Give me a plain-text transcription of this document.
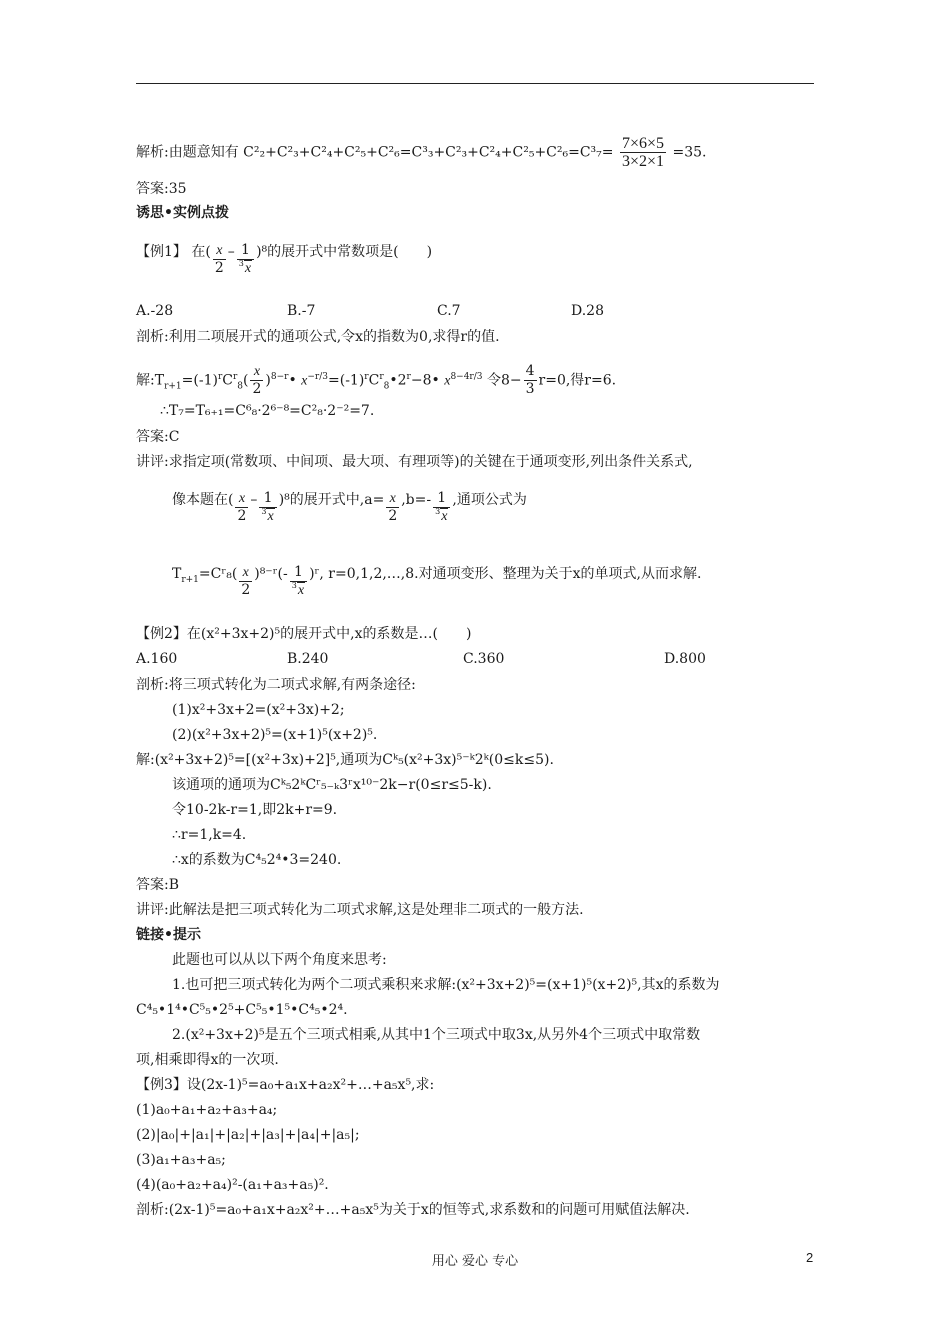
解析:由题意知有 $C^2_2+C^2_3+C^2_4+C^2_5+C^2_6=C^3_3+C^2_3+C^2_4+C^2_5+C^2_6=C^3_7= \frac{7\times 6\times 5}{3\times 2\times 1} =35$.
答案:35
诱思•实例点拨
【例1】 在( $\frac{x}{2} - \frac{1}{^3x} )^8$的展开式中常数项是(　　)
A.-28	B.-7	C.7	D.28
剖析:利用二项展开式的通项公式,令x的指数为0,求得r的值.
解$:T_{r+1}=(-1)^rC^r_8( \frac{x}{2}$ )$^{8-r}$• $x^{-r/3}=(-1)^rC^r_8•2^r-8•$ $x^{8-4r/3}$ 令$8- \frac{4}{3} r=0$,得r=6.
∴T₇=T₆₊₁=C⁶₈·2⁶⁻⁸=C²₈·2⁻²=7.
答案:C
讲评:求指定项(常数项、中间项、最大项、有理项等)的关键在于通项变形,列出条件关系式,
像本题在( $\frac{x}{2} - \frac{1}{^3x} )^8$的展开式中$,a= \frac{x}{2} ,b=- \frac{1}{^3x}$ ,通项公式为
$T_{r+1}=Cʳ_8( \frac{x}{2}$ )⁸⁻ʳ(- $\frac{1}{^3x}$ )ʳ, r=0,1,2,…,8.对通项变形、整理为关于x的单项式,从而求解.
【例2】在(x²+3x+2)⁵的展开式中,x的系数是…(　　)
A.160	B.240	C.360	D.800
剖析:将三项式转化为二项式求解,有两条途径:
(1)x²+3x+2=(x²+3x)+2;
(2)(x²+3x+2)⁵=(x+1)⁵(x+2)⁵.
解:(x²+3x+2)⁵=[(x²+3x)+2]⁵,通项为Cᵏ₅(x²+3x)⁵⁻ᵏ2ᵏ(0≤k≤5).
该通项的通项为Cᵏ₅2ᵏCʳ₅₋ₖ3ʳx¹⁰⁻2k−r(0≤r≤5-k).
令10-2k-r=1,即2k+r=9.
∴r=1,k=4.
∴x的系数为C⁴₅2⁴•3=240.
答案:B
讲评:此解法是把三项式转化为二项式求解,这是处理非二项式的一般方法.
链接•提示
此题也可以从以下两个角度来思考:
1.也可把三项式转化为两个二项式乘积来求解:(x²+3x+2)⁵=(x+1)⁵(x+2)⁵,其x的系数为
C⁴₅•1⁴•C⁵₅•2⁵+C⁵₅•1⁵•C⁴₅•2⁴.
2.(x²+3x+2)⁵是五个三项式相乘,从其中1个三项式中取3x,从另外4个三项式中取常数
项,相乘即得x的一次项.
【例3】设(2x-1)⁵=a₀+a₁x+a₂x²+…+a₅x⁵,求:
(1)a₀+a₁+a₂+a₃+a₄;
(2)|a₀|+|a₁|+|a₂|+|a₃|+|a₄|+|a₅|;
(3)a₁+a₃+a₅;
(4)(a₀+a₂+a₄)²-(a₁+a₃+a₅)².
剖析:(2x-1)⁵=a₀+a₁x+a₂x²+…+a₅x⁵为关于x的恒等式,求系数和的问题可用赋值法解决.
用心 爱心 专心	2
